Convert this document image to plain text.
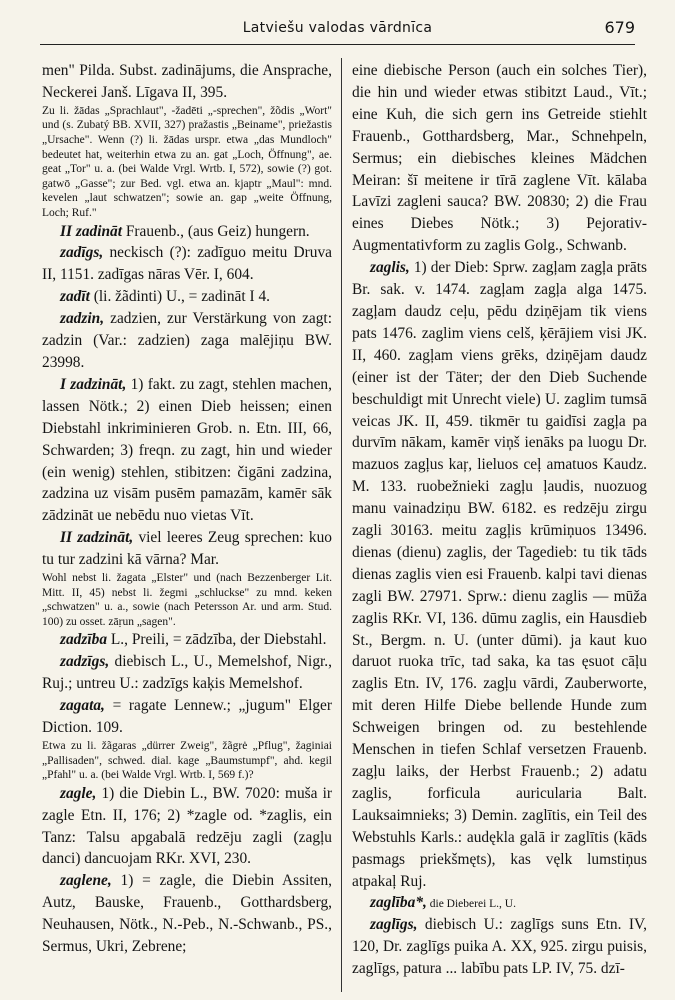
Latviešu valodas vārdnīca	679

men" Pilda. Subst. zadinājums, die Ansprache, Neckerei Janš. Līgava II, 395.

Zu li. žādas „Sprachlaut", -žadēti „-sprechen", žõdis „Wort" und (s. Zubatý BB. XVII, 327) pražastis „Beiname", priežastis „Ursache". Wenn (?) li. žādas urspr. etwa „das Mundloch" bedeutet hat, weiterhin etwa zu an. gat „Loch, Öffnung", ae. geat „Tor" u. a. (bei Walde Vrgl. Wrtb. I, 572), sowie (?) got. gatwō „Gasse"; zur Bed. vgl. etwa an. kjaptr „Maul": mnd. kevelen „laut schwatzen"; sowie an. gap „weite Öffnung, Loch; Ruf."

II zadināt Frauenb., (aus Geiz) hungern.

zadīgs, neckisch (?): zadīguo meitu Druva II, 1151. zadīgas nāras Vēr. I, 604.

zadīt (li. žãdinti) U., = zadināt I 4.

zadzin, zadzien, zur Verstärkung von zagt: zadzin (Var.: zadzien) zaga malējiņu BW. 23998.

I zadzināt, 1) fakt. zu zagt, stehlen machen, lassen Nötk.; 2) einen Dieb heissen; einen Diebstahl inkriminieren Grob. n. Etn. III, 66, Schwarden; 3) freqn. zu zagt, hin und wieder (ein wenig) stehlen, stibitzen: čigāni zadzina, zadzina uz visām pusēm pamazām, kamēr sāk zādzināt ue nebēdu nuo vietas Vīt.

II zadzināt, viel leeres Zeug sprechen: kuo tu tur zadzini kā vārna? Mar.

Wohl nebst li. žagata „Elster" und (nach Bezzenberger Lit. Mitt. II, 45) nebst li. žegmi „schluckse" zu mnd. keken „schwatzen" u. a., sowie (nach Petersson Ar. und arm. Stud. 100) zu osset. zāṛun „sagen".

zadzība L., Preili, = zādzība, der Diebstahl.

zadzīgs, diebisch L., U., Memelshof, Nigr., Ruj.; untreu U.: zadzīgs kaķis Memelshof.

zagata, = ragate Lennew.; „jugum" Elger Diction. 109.

Etwa zu li. žãgaras „dürrer Zweig", žãgrė „Pflug", žaginiai „Pallisaden", schwed. dial. kage „Baumstumpf", ahd. kegil „Pfahl" u. a. (bei Walde Vrgl. Wrtb. I, 569 f.)?

zagle, 1) die Diebin L., BW. 7020: muša ir zagle Etn. II, 176; 2) *zagle od. *zaglis, ein Tanz: Talsu apgabalā redzēju zagli (zagļu danci) dancuojam RKr. XVI, 230.

zaglene, 1) = zagle, die Diebin Assiten, Autz, Bauske, Frauenb., Gotthardsberg, Neuhausen, Nötk., N.-Peb., N.-Schwanb., PS., Sermus, Ukri, Zebrene;

eine diebische Person (auch ein solches Tier), die hin und wieder etwas stibitzt Laud., Vīt.; eine Kuh, die sich gern ins Getreide stiehlt Frauenb., Gotthardsberg, Mar., Schnehpeln, Sermus; ein diebisches kleines Mädchen Meiran: šī meitene ir tīrā zaglene Vīt. kālaba Lavīzi zagleni sauca? BW. 20830; 2) die Frau eines Diebes Nötk.; 3) Pejorativ-Augmentativform zu zaglis Golg., Schwanb.

zaglis, 1) der Dieb: Sprw. zagļam zagļa prāts Br. sak. v. 1474. zagļam zagļa alga 1475. zagļam daudz ceļu, pēdu dziņējam tik viens pats 1476. zaglim viens celš, ķērājiem visi JK. II, 460. zagļam viens grēks, dziņējam daudz (einer ist der Täter; der den Dieb Suchende beschuldigt mit Unrecht viele) U. zaglim tumsā veicas JK. II, 459. tikmēr tu gaidīsi zagļa pa durvīm nākam, kamēr viņš ienāks pa luogu Dr. mazuos zagļus kaŗ, lieluos ceļ amatuos Kaudz. M. 133. ruobežnieki zagļu ļaudis, nuozuog manu vainadziņu BW. 6182. es redzēju zirgu zagli 30163. meitu zagļis krūmiņuos 13496. dienas (dienu) zaglis, der Tagedieb: tu tik tāds dienas zaglis vien esi Frauenb. kalpi tavi dienas zagli BW. 27971. Sprw.: dienu zaglis — mūža zaglis RKr. VI, 136. dūmu zaglis, ein Hausdieb St., Bergm. n. U. (unter dūmi). ja kaut kuo daruot ruoka trīc, tad saka, ka tas ęsuot cāļu zaglis Etn. IV, 176. zagļu vārdi, Zauberworte, mit deren Hilfe Diebe bellende Hunde zum Schweigen bringen od. zu bestehlende Menschen in tiefen Schlaf versetzen Frauenb. zagļu laiks, der Herbst Frauenb.; 2) adatu zaglis, forficula auricularia Balt. Lauksaimnieks; 3) Demin. zaglītis, ein Teil des Webstuhls Karls.: audękla galā ir zaglītis (kāds pasmags priekšmęts), kas vęlk lumstiņus atpakaļ Ruj.

zaglība*, die Dieberei L., U.

zaglīgs, diebisch U.: zaglīgs suns Etn. IV, 120, Dr. zaglīgs puika A. XX, 925. zirgu puisis, zaglīgs, patura ... labību pats LP. IV, 75. dzī-
